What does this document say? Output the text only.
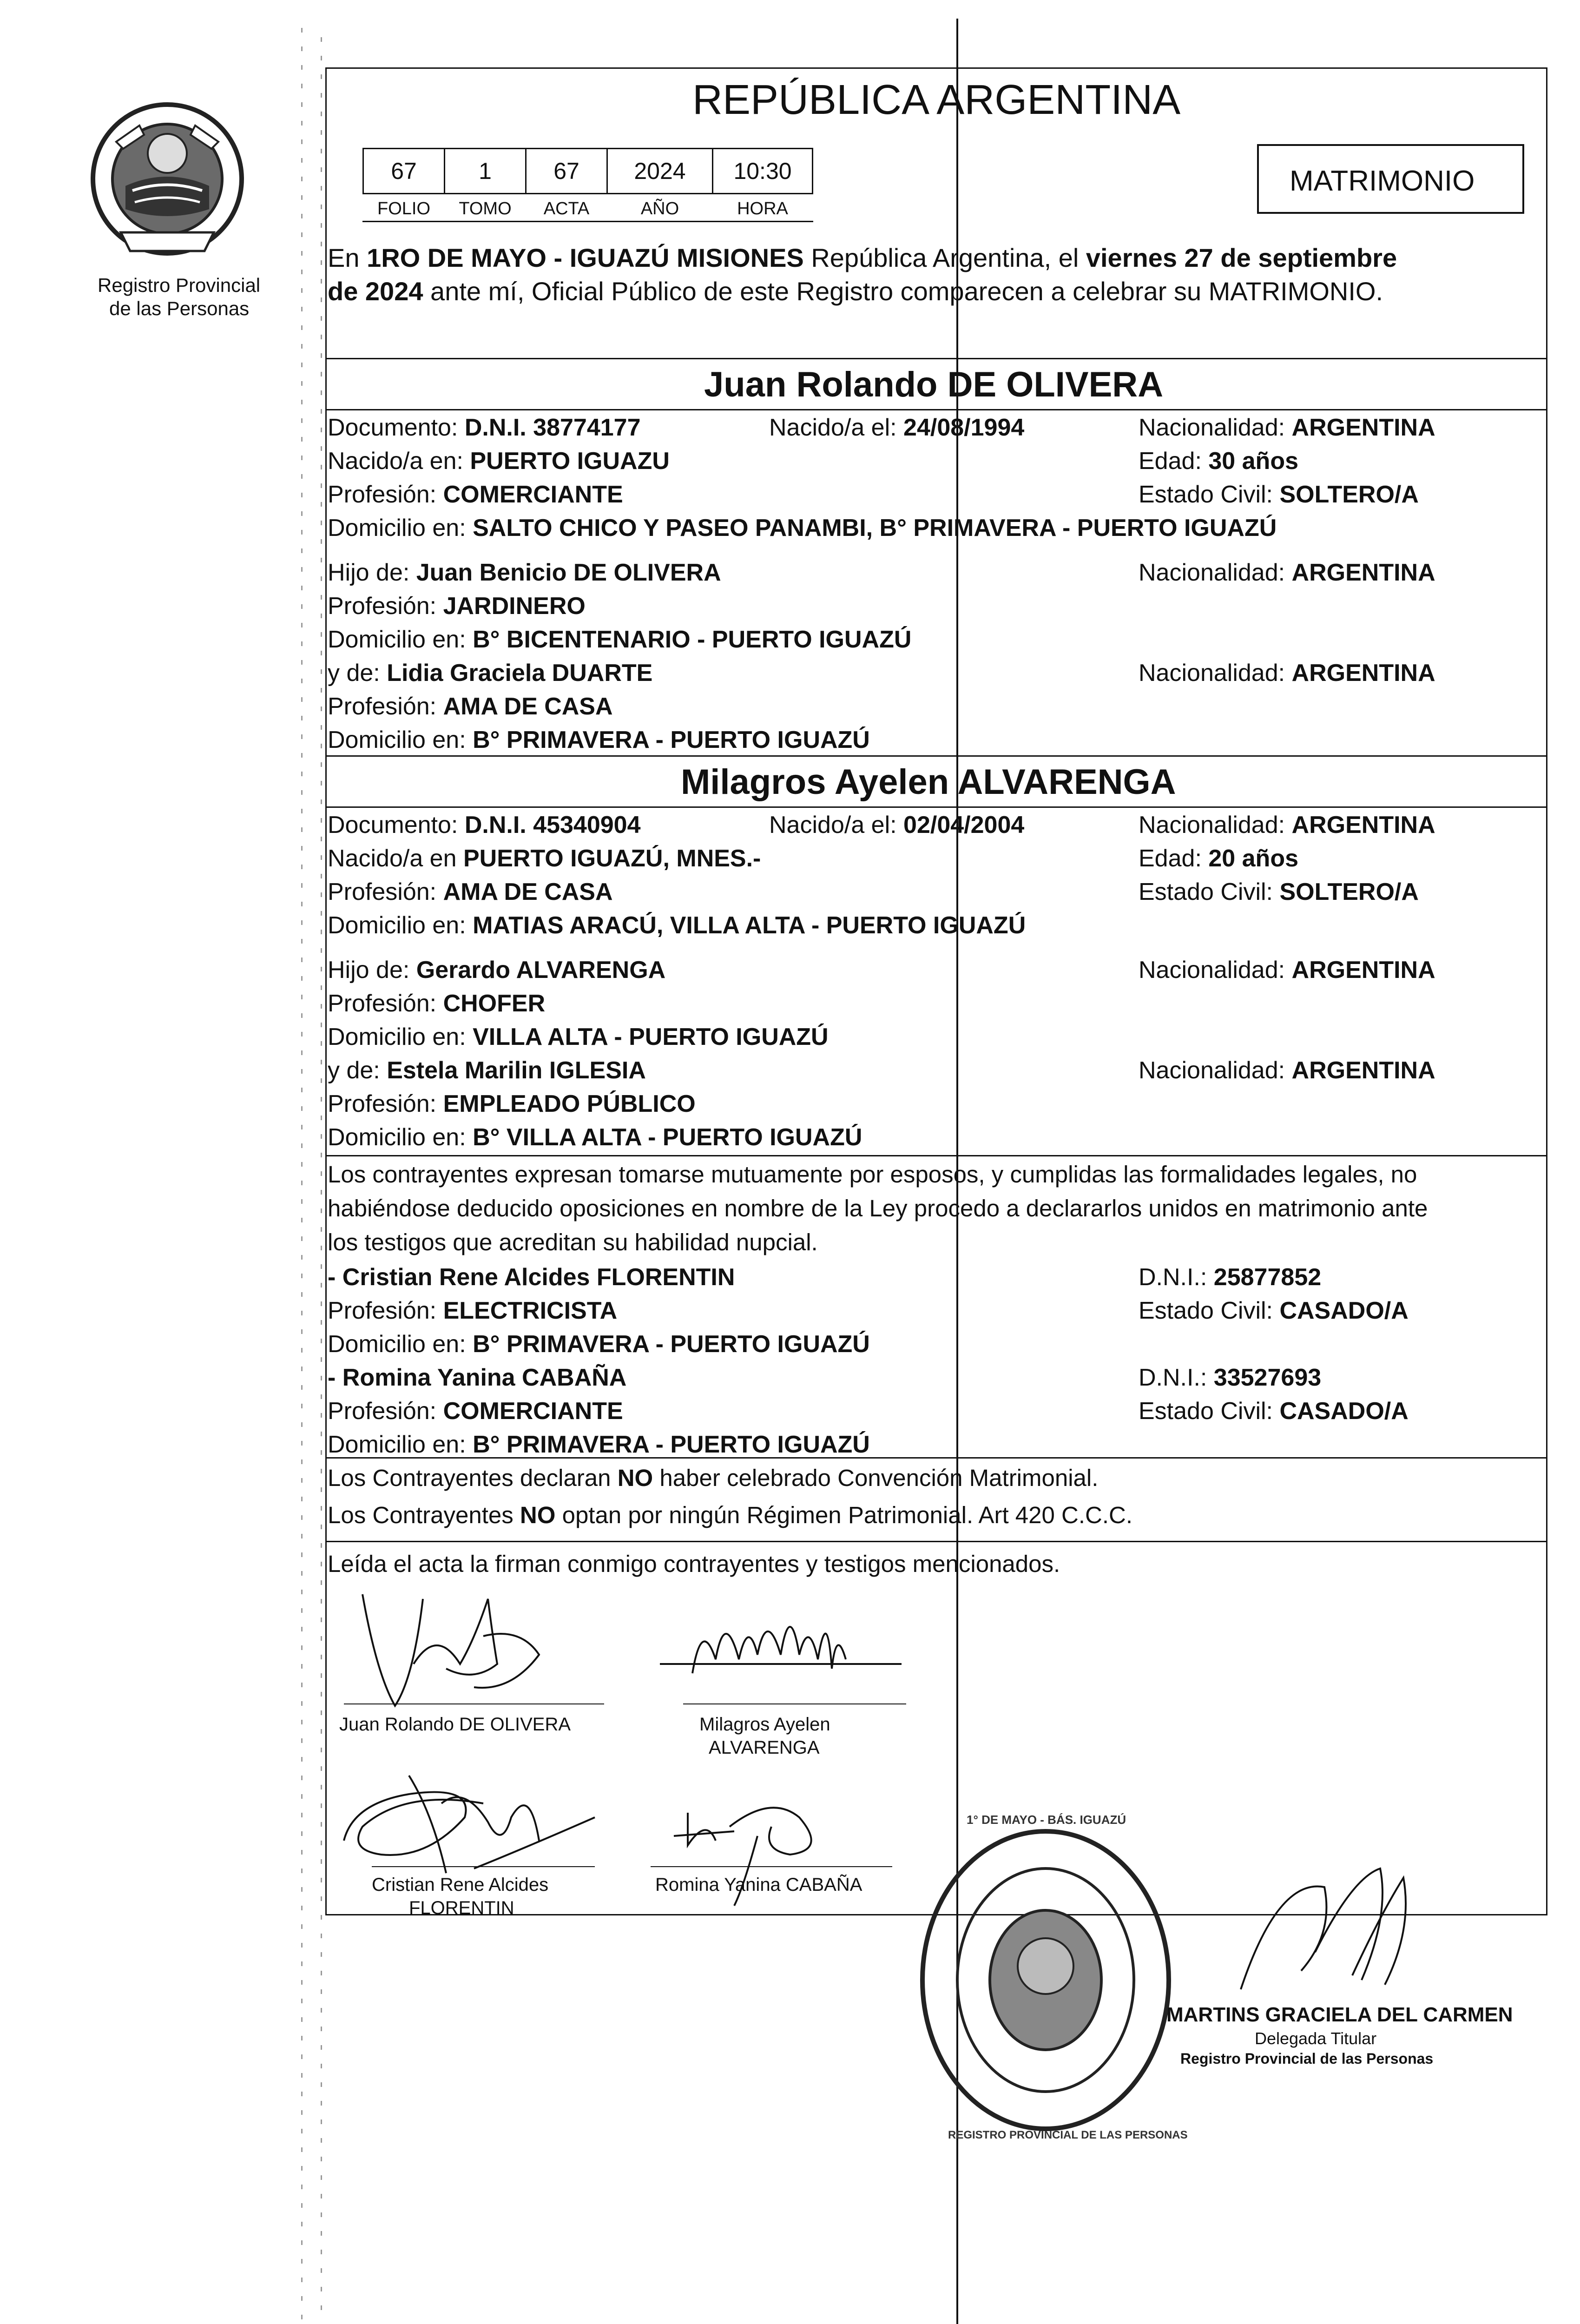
Registro Provincial
de las Personas
REPÚBLICA ARGENTINA
MATRIMONIO
67	1	67	2024	10:30
FOLIO	TOMO	ACTA	AÑO	HORA
En 1RO DE MAYO - IGUAZÚ MISIONES República Argentina, el viernes 27 de septiembre
de 2024 ante mí, Oficial Público de este Registro comparecen a celebrar su MATRIMONIO.
Juan Rolando DE OLIVERA
Documento: D.N.I. 38774177	Nacido/a el: 24/08/1994	Nacionalidad: ARGENTINA
Nacido/a en: PUERTO IGUAZU	Edad: 30 años
Profesión: COMERCIANTE	Estado Civil: SOLTERO/A
Domicilio en: SALTO CHICO Y PASEO PANAMBI, B° PRIMAVERA - PUERTO IGUAZÚ
Hijo de: Juan Benicio DE OLIVERA	Nacionalidad: ARGENTINA
Profesión: JARDINERO
Domicilio en: B° BICENTENARIO - PUERTO IGUAZÚ
y de: Lidia Graciela DUARTE	Nacionalidad: ARGENTINA
Profesión: AMA DE CASA
Domicilio en: B° PRIMAVERA - PUERTO IGUAZÚ
Milagros Ayelen ALVARENGA
Documento: D.N.I. 45340904	Nacido/a el: 02/04/2004	Nacionalidad: ARGENTINA
Nacido/a en PUERTO IGUAZÚ, MNES.-	Edad: 20 años
Profesión: AMA DE CASA	Estado Civil: SOLTERO/A
Domicilio en: MATIAS ARACÚ, VILLA ALTA - PUERTO IGUAZÚ
Hijo de: Gerardo ALVARENGA	Nacionalidad: ARGENTINA
Profesión: CHOFER
Domicilio en: VILLA ALTA - PUERTO IGUAZÚ
y de: Estela Marilin IGLESIA	Nacionalidad: ARGENTINA
Profesión: EMPLEADO PÚBLICO
Domicilio en: B° VILLA ALTA - PUERTO IGUAZÚ
Los contrayentes expresan tomarse mutuamente por esposos, y cumplidas las formalidades legales, no
habiéndose deducido oposiciones en nombre de la Ley procedo a declararlos unidos en matrimonio ante
los testigos que acreditan su habilidad nupcial.
- Cristian Rene Alcides FLORENTIN	D.N.I.: 25877852
Profesión: ELECTRICISTA	Estado Civil: CASADO/A
Domicilio en: B° PRIMAVERA - PUERTO IGUAZÚ
- Romina Yanina CABAÑA	D.N.I.: 33527693
Profesión: COMERCIANTE	Estado Civil: CASADO/A
Domicilio en: B° PRIMAVERA - PUERTO IGUAZÚ
Los Contrayentes declaran NO haber celebrado Convención Matrimonial.
Los Contrayentes NO optan por ningún Régimen Patrimonial. Art 420 C.C.C.
Leída el acta la firman conmigo contrayentes y testigos mencionados.
Juan Rolando DE OLIVERA	Milagros Ayelen
ALVARENGA
Cristian Rene Alcides
FLORENTIN
Romina Yanina CABAÑA
REGISTRO PROVINCIAL DE LAS PERSONAS
1° DE MAYO - BÁS. IGUAZÚ
MARTINS GRACIELA DEL CARMEN
Delegada Titular
Registro Provincial de las Personas
